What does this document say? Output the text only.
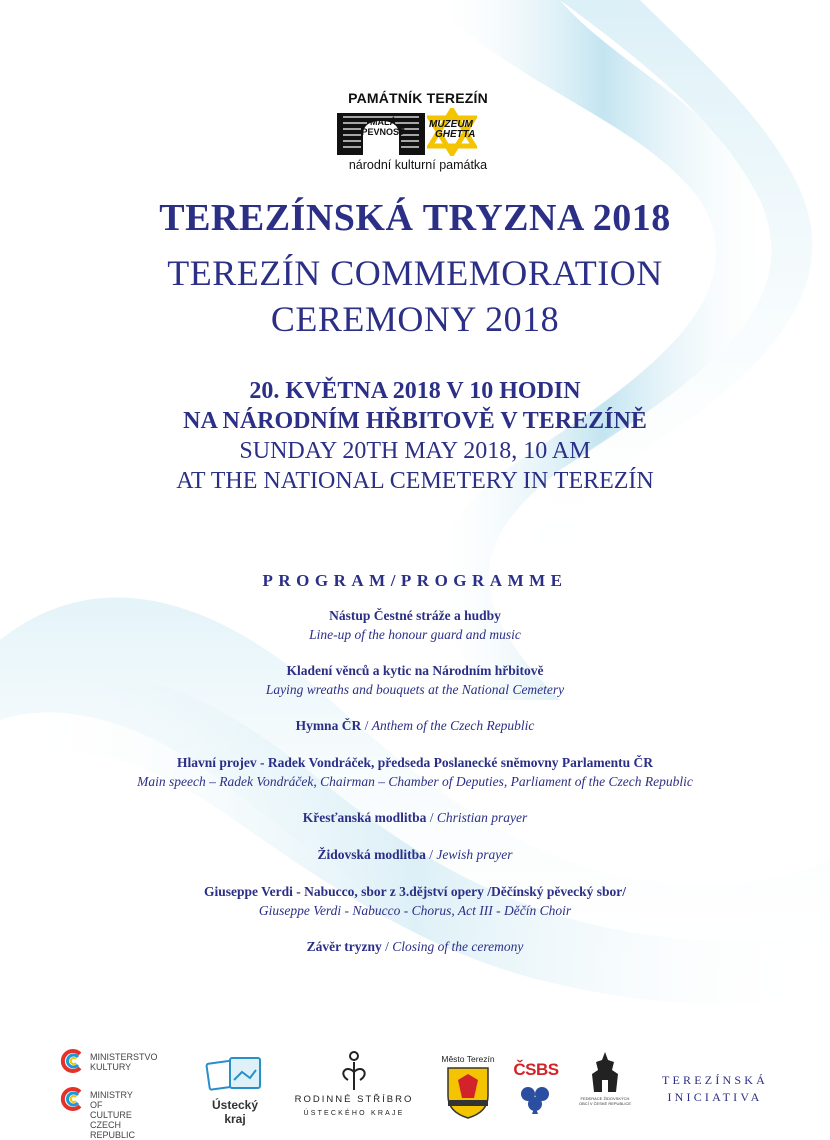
PAMÁTNÍK TEREZÍN
MALÁ
PEVNOST
MUZEUM
GHETTA
národní kulturní památka
TEREZÍNSKÁ TRYZNA 2018
TEREZÍN COMMEMORATION
CEREMONY 2018
20. KVĚTNA 2018 V 10 HODIN
NA NÁRODNÍM HŘBITOVĚ V TEREZÍNĚ
SUNDAY 20TH MAY 2018, 10 AM
AT THE NATIONAL CEMETERY IN TEREZÍN
PROGRAM/PROGRAMME
Nástup Čestné stráže a hudby
Line-up of the honour guard and music
Kladení věnců a kytic na Národním hřbitově
Laying wreaths and bouquets at the National Cemetery
Hymna ČR / Anthem of the Czech Republic
Hlavní projev - Radek Vondráček, předseda Poslanecké sněmovny Parlamentu ČR
Main speech – Radek Vondráček, Chairman – Chamber of Deputies, Parliament of the Czech Republic
Křesťanská modlitba / Christian prayer
Židovská modlitba / Jewish prayer
Giuseppe Verdi - Nabucco, sbor z 3.dějství opery /Děčínský pěvecký sbor/
Giuseppe Verdi - Nabucco - Chorus, Act III - Děčín Choir
Závěr tryzny / Closing of the ceremony
MINISTERSTVO
KULTURY
MINISTRY OF CULTURE
CZECH REPUBLIC
Ústecký kraj
RODINNÉ STŘÍBRO
ÚSTECKÉHO KRAJE
Město Terezín
ČSBS
FEDERACE ŽIDOVSKÝCH
OBCÍ V ČESKÉ REPUBLICE
TEREZÍNSKÁ
INICIATIVA
